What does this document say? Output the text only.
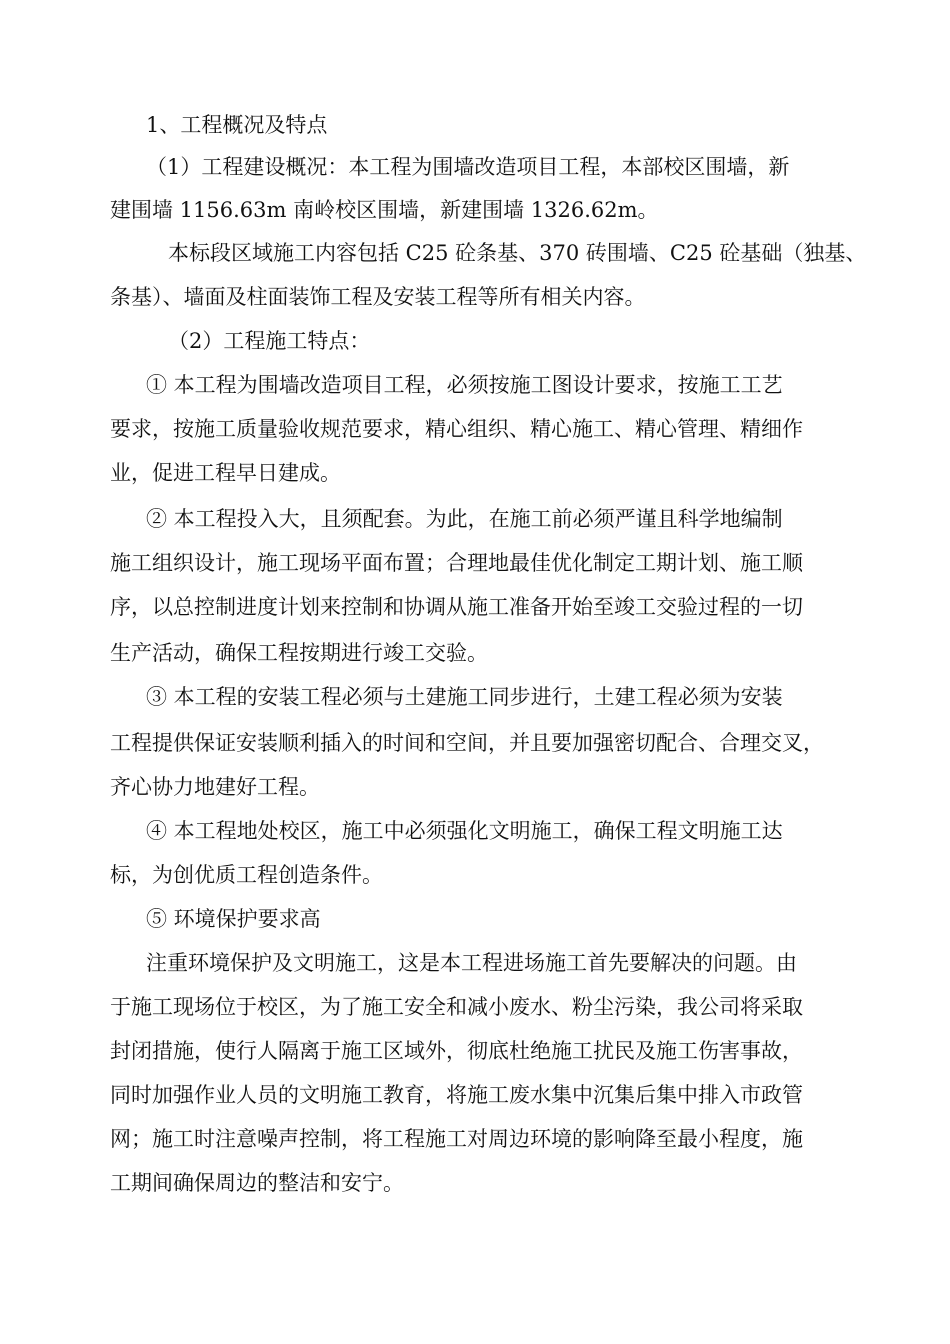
1、工程概况及特点

（1）工程建设概况：本工程为围墙改造项目工程，本部校区围墙，新

建围墙 1156.63m 南岭校区围墙，新建围墙 1326.62m。

本标段区域施工内容包括 C25 砼条基、370 砖围墙、C25 砼基础（独基、

条基）、墙面及柱面装饰工程及安装工程等所有相关内容。

（2）工程施工特点：

① 本工程为围墙改造项目工程，必须按施工图设计要求，按施工工艺

要求，按施工质量验收规范要求，精心组织、精心施工、精心管理、精细作

业，促进工程早日建成。

② 本工程投入大，且须配套。为此，在施工前必须严谨且科学地编制

施工组织设计，施工现场平面布置；合理地最佳优化制定工期计划、施工顺

序，以总控制进度计划来控制和协调从施工准备开始至竣工交验过程的一切

生产活动，确保工程按期进行竣工交验。

③ 本工程的安装工程必须与土建施工同步进行，土建工程必须为安装

工程提供保证安装顺利插入的时间和空间，并且要加强密切配合、合理交叉，

齐心协力地建好工程。

④ 本工程地处校区，施工中必须强化文明施工，确保工程文明施工达

标，为创优质工程创造条件。

⑤ 环境保护要求高

注重环境保护及文明施工，这是本工程进场施工首先要解决的问题。由

于施工现场位于校区，为了施工安全和减小废水、粉尘污染，我公司将采取

封闭措施，使行人隔离于施工区域外，彻底杜绝施工扰民及施工伤害事故，

同时加强作业人员的文明施工教育，将施工废水集中沉集后集中排入市政管

网；施工时注意噪声控制，将工程施工对周边环境的影响降至最小程度，施

工期间确保周边的整洁和安宁。
